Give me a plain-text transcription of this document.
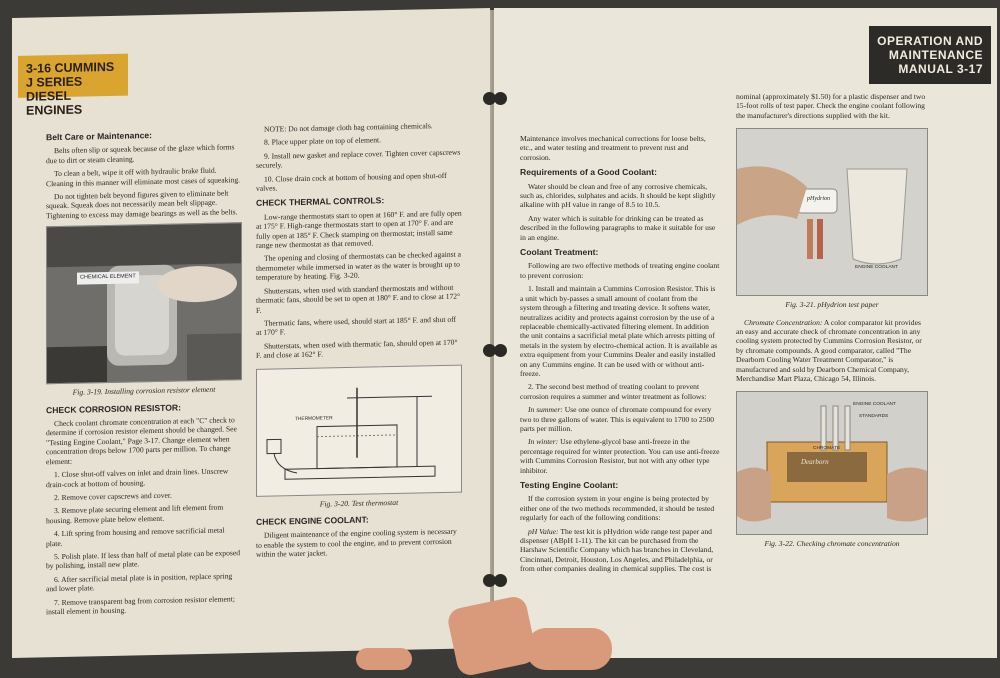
3-16 CUMMINS
J SERIES
DIESEL ENGINES
Belt Care or Maintenance:

Belts often slip or squeak because of the glaze which forms due to dirt or steam cleaning.

To clean a belt, wipe it off with hydraulic brake fluid. Cleaning in this manner will eliminate most cases of squeaking.

Do not tighten belt beyond figures given to eliminate belt squeak. Squeak does not necessarily mean belt slippage. Tightening to excess may damage bearings as well as the belts.

CHEMICAL ELEMENT
Fig. 3-19. Installing corrosion resistor element
CHECK CORROSION RESISTOR:

Check coolant chromate concentration at each "C" check to determine if corrosion resistor element should be changed. See "Testing Engine Coolant," Page 3-17. Change element when concentration drops below 1700 parts per million. To change element:

1. Close shut-off valves on inlet and drain lines. Unscrew drain-cock at bottom of housing.

2. Remove cover capscrews and cover.

3. Remove plate securing element and lift element from housing. Remove plate below element.

4. Lift spring from housing and remove sacrificial metal plate.

5. Polish plate. If less than half of metal plate can be exposed by polishing, install new plate.

6. After sacrificial metal plate is in position, replace spring and lower plate.

7. Remove transparent bag from corrosion resistor element; install element in housing.

NOTE: Do not damage cloth bag containing chemicals.

8. Place upper plate on top of element.

9. Install new gasket and replace cover. Tighten cover capscrews securely.

10. Close drain cock at bottom of housing and open shut-off valves.

CHECK THERMAL CONTROLS:

Low-range thermostats start to open at 160° F. and are fully open at 175° F. High-range thermostats start to open at 170° F. and are fully open at 185° F. Check stamping on thermostat; install same range new thermostat as that removed.

The opening and closing of thermostats can be checked against a thermometer while immersed in water as the water is brought up to temperature by heating. Fig. 3-20.

Shutterstats, when used with standard thermostats and without thermatic fans, should be set to open at 180° F. and to close at 172° F.

Thermatic fans, where used, should start at 185° F. and shut off at 170° F.

Shutterstats, when used with thermatic fan, should open at 170° F. and close at 162° F.

THERMOMETER
Fig. 3-20. Test thermostat
CHECK ENGINE COOLANT:

Diligent maintenance of the engine cooling system is necessary to enable the system to cool the engine, and to prevent corrosion within the water jacket.

OPERATION AND
MAINTENANCE
MANUAL 3-17

Maintenance involves mechanical corrections for loose belts, etc., and water testing and treatment to prevent rust and corrosion.

Requirements of a Good Coolant:

Water should be clean and free of any corrosive chemicals, such as, chlorides, sulphates and acids. It should be kept slightly alkaline with pH value in range of 8.5 to 10.5.

Any water which is suitable for drinking can be treated as described in the following paragraphs to make it suitable for use in an engine.

Coolant Treatment:

Following are two effective methods of treating engine coolant to prevent corrosion:

1. Install and maintain a Cummins Corrosion Resistor. This is a unit which by-passes a small amount of coolant from the system through a filtering and treating device. It softens water, neutralizes acidity and protects against corrosion by the use of a replaceable chemically-activated filtering element. In addition the unit contains a sacrificial metal plate which arrests pitting of metals in the system by electro-chemical action. It is available as extra equipment from your Cummins Dealer and easily installed on any Cummins engine. It can be used with or without anti-freeze.

2. The second best method of treating coolant to prevent corrosion requires a summer and winter treatment as follows:

In summer: Use one ounce of chromate compound for every two to three gallons of water. This is equivalent to 1700 to 2500 parts per million.

In winter: Use ethylene-glycol base anti-freeze in the percentage required for winter protection. You can use anti-freeze with Cummins Corrosion Resistor, but not with any other type inhibitor.

Testing Engine Coolant:

If the corrosion system in your engine is being protected by either one of the two methods recommended, it should be tested regularly for each of the following conditions:

pH Value: The test kit is pHydrion wide range test paper and dispenser (ABpH 1-11). The kit can be purchased from the Harshaw Scientific Company which has branches in Cleveland, Cincinnati, Detroit, Houston, Los Angeles, and Philadelphia, or from other companies dealing in chemical supplies. The cost is

nominal (approximately $1.50) for a plastic dispenser and two 15-foot rolls of test paper. Check the engine coolant following the manufacturer's directions supplied with the kit.

pHydrion
ENGINE COOLANT
Fig. 3-21. pHydrion test paper

Chromate Concentration: A color comparator kit provides an easy and accurate check of chromate concentration in any cooling system protected by Cummins Corrosion Resistor, or by chromate compounds. A good comparator, called "The Dearborn Cooling Water Treatment Comparator," is manufactured and sold by Dearborn Chemical Company, Merchandise Mart Plaza, Chicago 54, Illinois.

ENGINE COOLANT
STANDARDS
CHROMATE
Dearborn
Fig. 3-22. Checking chromate concentration
